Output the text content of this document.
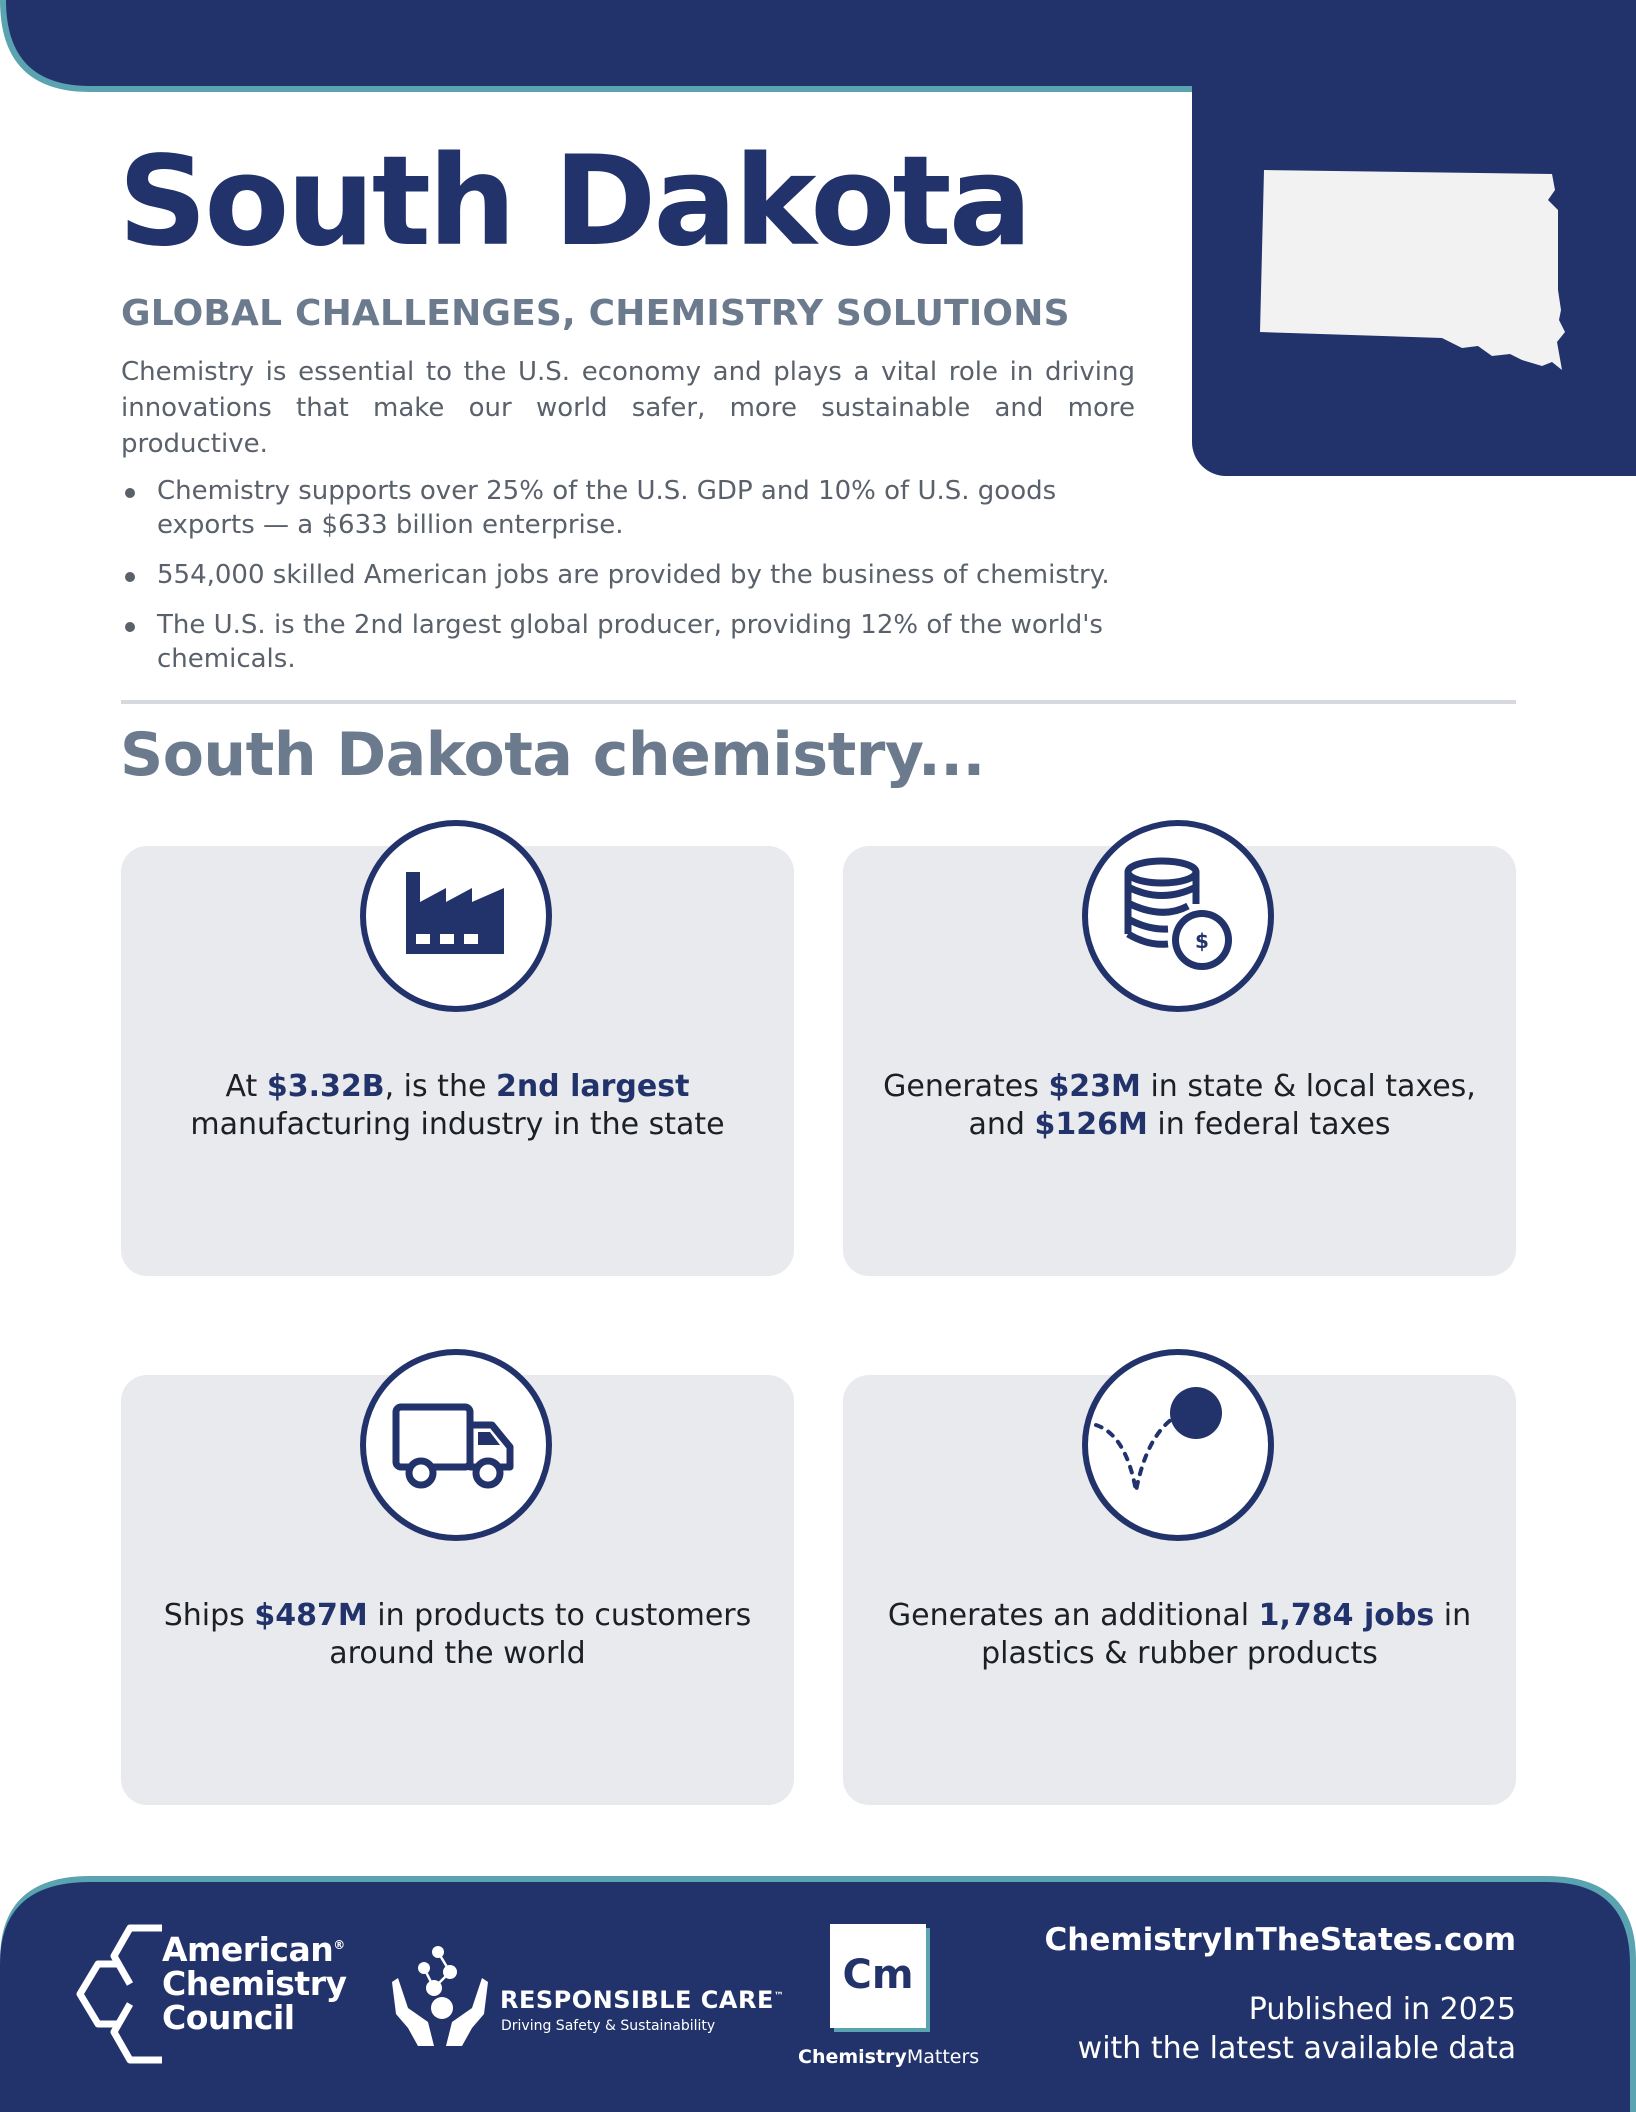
South Dakota
GLOBAL CHALLENGES, CHEMISTRY SOLUTIONS

Chemistry is essential to the U.S. economy and plays a vital role in driving innovations that make our world safer, more sustainable and more productive.

Chemistry supports over 25% of the U.S. GDP and 10% of U.S. goods exports — a $633 billion enterprise.
554,000 skilled American jobs are provided by the business of chemistry.
The U.S. is the 2nd largest global producer, providing 12% of the world's chemicals.
South Dakota chemistry...
At $3.32B, is the 2nd largest
manufacturing industry in the state
Generates $23M in state & local taxes,
and $126M in federal taxes
$
Ships $487M in products to customers
around the world
Generates an additional 1,784 jobs in
plastics & rubber products
American®
Chemistry
Council	RESPONSIBLE CARE™
Driving Safety & Sustainability
Cm
ChemistryMatters
ChemistryInTheStates.com
Published in 2025
with the latest available data
